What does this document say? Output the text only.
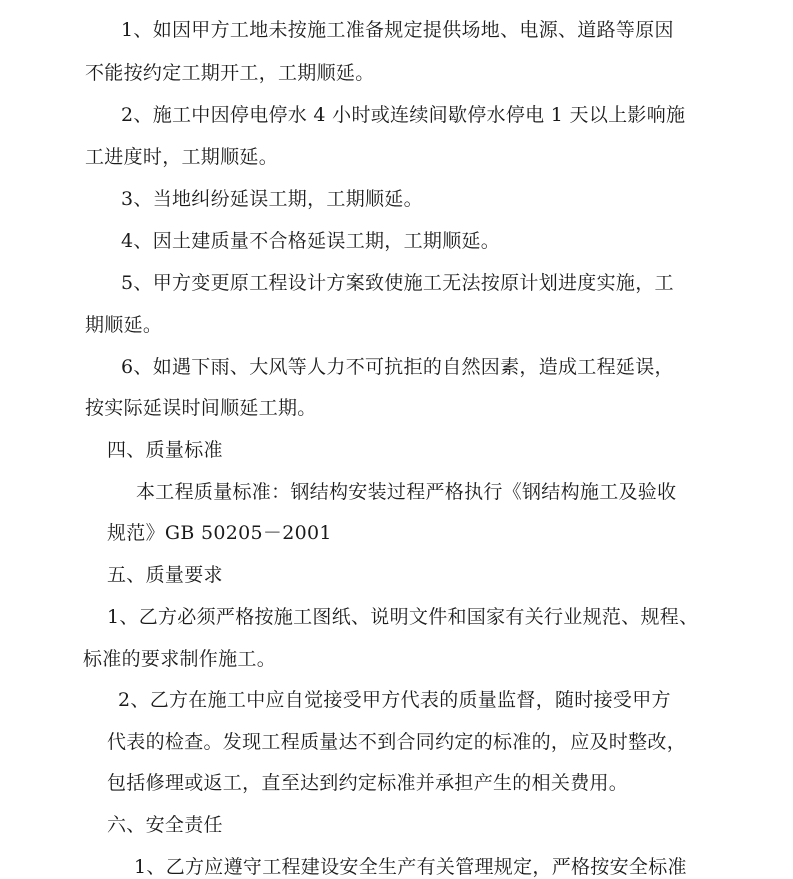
1、如因甲方工地未按施工准备规定提供场地、电源、道路等原因
不能按约定工期开工，工期顺延。
2、施工中因停电停水 4 小时或连续间歇停水停电 1 天以上影响施
工进度时，工期顺延。
3、当地纠纷延误工期，工期顺延。
4、因土建质量不合格延误工期，工期顺延。
5、甲方变更原工程设计方案致使施工无法按原计划进度实施，工
期顺延。
6、如遇下雨、大风等人力不可抗拒的自然因素，造成工程延误，
按实际延误时间顺延工期。
四、质量标准
本工程质量标准：钢结构安装过程严格执行《钢结构施工及验收
规范》GB 50205－2001
五、质量要求
1、乙方必须严格按施工图纸、说明文件和国家有关行业规范、规程、
标准的要求制作施工。
2、乙方在施工中应自觉接受甲方代表的质量监督，随时接受甲方
代表的检查。发现工程质量达不到合同约定的标准的，应及时整改，
包括修理或返工，直至达到约定标准并承担产生的相关费用。
六、安全责任
1、乙方应遵守工程建设安全生产有关管理规定，严格按安全标准
